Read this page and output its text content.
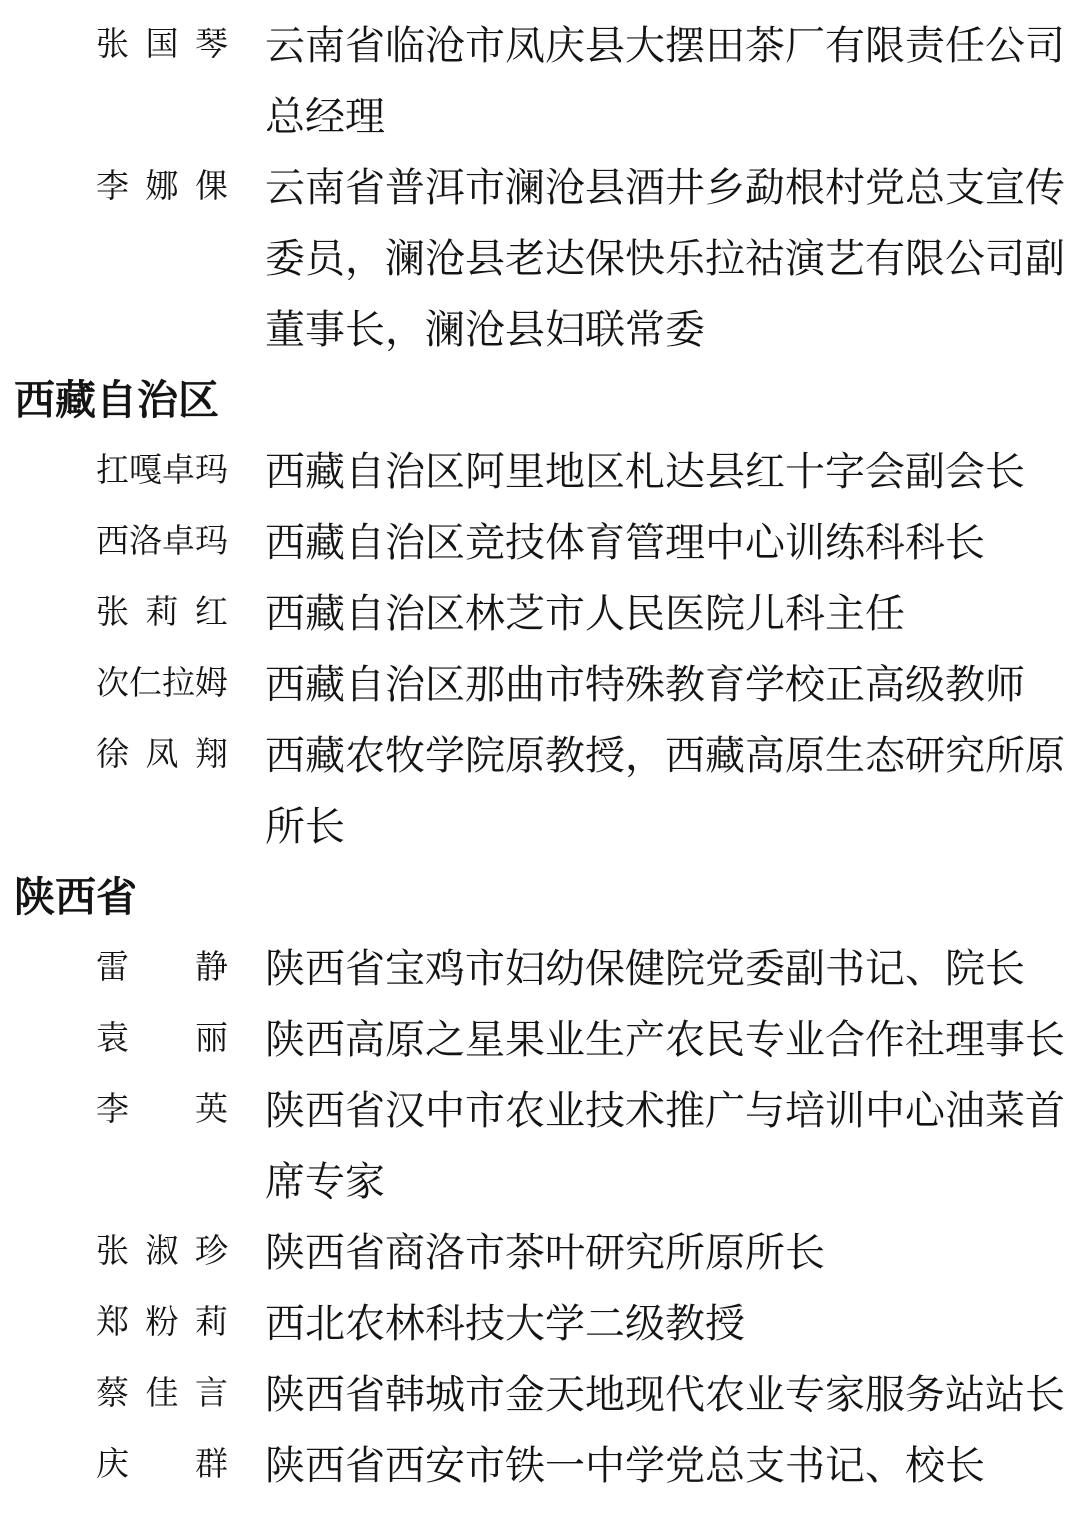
张国琴 云南省临沧市凤庆县大摆田茶厂有限责任公司总经理
李娜倮 云南省普洱市澜沧县酒井乡勐根村党总支宣传委员，澜沧县老达保快乐拉祜演艺有限公司副董事长，澜沧县妇联常委
西藏自治区
扛嘎卓玛 西藏自治区阿里地区札达县红十字会副会长
西洛卓玛 西藏自治区竞技体育管理中心训练科科长
张莉红 西藏自治区林芝市人民医院儿科主任
次仁拉姆 西藏自治区那曲市特殊教育学校正高级教师
徐凤翔 西藏农牧学院原教授，西藏高原生态研究所原所长
陕西省
雷静 陕西省宝鸡市妇幼保健院党委副书记、院长
袁丽 陕西高原之星果业生产农民专业合作社理事长
李英 陕西省汉中市农业技术推广与培训中心油菜首席专家
张淑珍 陕西省商洛市茶叶研究所原所长
郑粉莉 西北农林科技大学二级教授
蔡佳言 陕西省韩城市金天地现代农业专家服务站站长
庆群 陕西省西安市铁一中学党总支书记、校长
